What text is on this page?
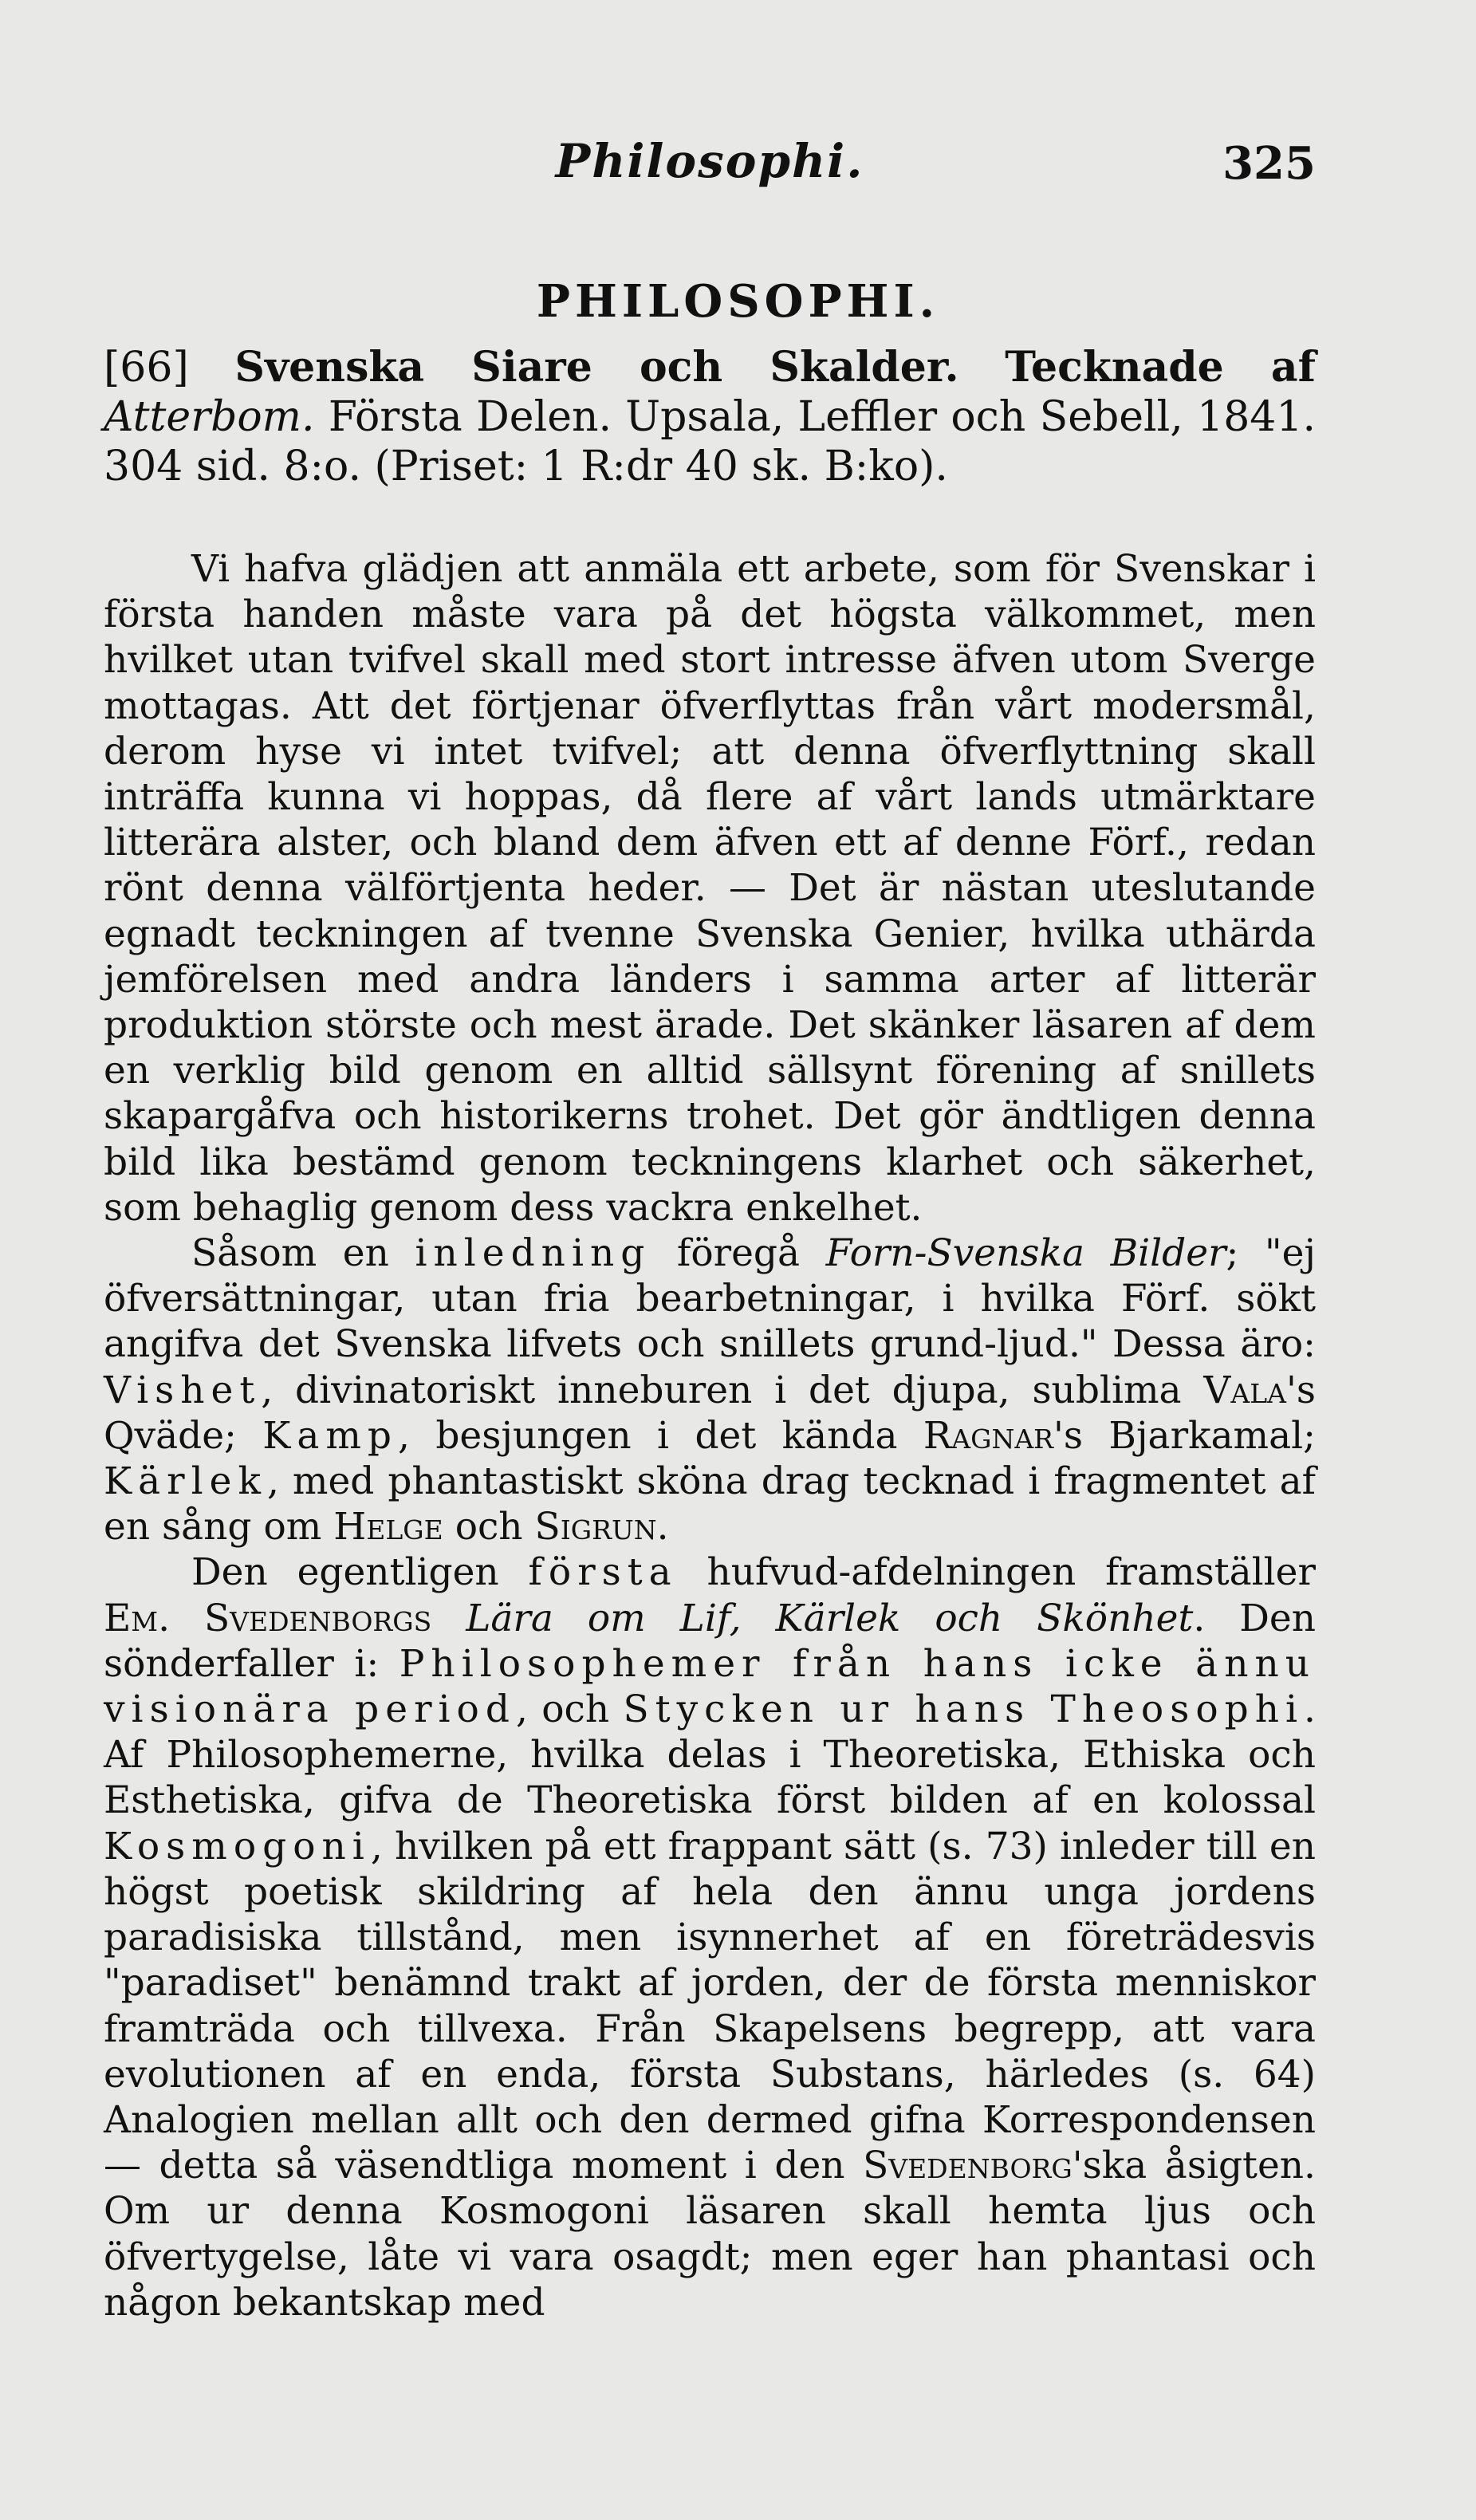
Philosophi.	325
PHILOSOPHI.

[66] Svenska Siare och Skalder. Tecknade af Atterbom. Första Delen. Upsala, Leffler och Sebell, 1841. 304 sid. 8:o. (Priset: 1 R:dr 40 sk. B:ko).

Vi hafva glädjen att anmäla ett arbete, som för Svenskar i första handen måste vara på det högsta välkommet, men hvilket utan tvifvel skall med stort intresse äfven utom Sverge mottagas. Att det förtjenar öfverflyttas från vårt modersmål, derom hyse vi intet tvifvel; att denna öfverflyttning skall inträffa kunna vi hoppas, då flere af vårt lands utmärktare litterära alster, och bland dem äfven ett af denne Förf., redan rönt denna välförtjenta heder. — Det är nästan uteslutande egnadt teckningen af tvenne Svenska Genier, hvilka uthärda jemförelsen med andra länders i samma arter af litterär produktion störste och mest ärade. Det skänker läsaren af dem en verklig bild genom en alltid sällsynt förening af snillets skapargåfva och historikerns trohet. Det gör ändtligen denna bild lika bestämd genom teckningens klarhet och säkerhet, som behaglig genom dess vackra enkelhet.

Såsom en inledning föregå Forn-Svenska Bilder; "ej öfversättningar, utan fria bearbetningar, i hvilka Förf. sökt angifva det Svenska lifvets och snillets grund-ljud." Dessa äro: Vishet, divinatoriskt inneburen i det djupa, sublima Vala's Qväde; Kamp, besjungen i det kända Ragnar's Bjarkamal; Kärlek, med phantastiskt sköna drag tecknad i fragmentet af en sång om Helge och Sigrun.

Den egentligen första hufvud-afdelningen framställer Em. Svedenborgs Lära om Lif, Kärlek och Skönhet. Den sönderfaller i: Philosophemer från hans icke ännu visionära period, och Stycken ur hans Theosophi. Af Philosophemerne, hvilka delas i Theoretiska, Ethiska och Esthetiska, gifva de Theoretiska först bilden af en kolossal Kosmogoni, hvilken på ett frappant sätt (s. 73) inleder till en högst poetisk skildring af hela den ännu unga jordens paradisiska tillstånd, men isynnerhet af en företrädesvis "paradiset" benämnd trakt af jorden, der de första menniskor framträda och tillvexa. Från Skapelsens begrepp, att vara evolutionen af en enda, första Substans, härledes (s. 64) Analogien mellan allt och den dermed gifna Korrespondensen — detta så väsendtliga moment i den Svedenborg'ska åsigten. Om ur denna Kosmogoni läsaren skall hemta ljus och öfvertygelse, låte vi vara osagdt; men eger han phantasi och någon bekantskap med
